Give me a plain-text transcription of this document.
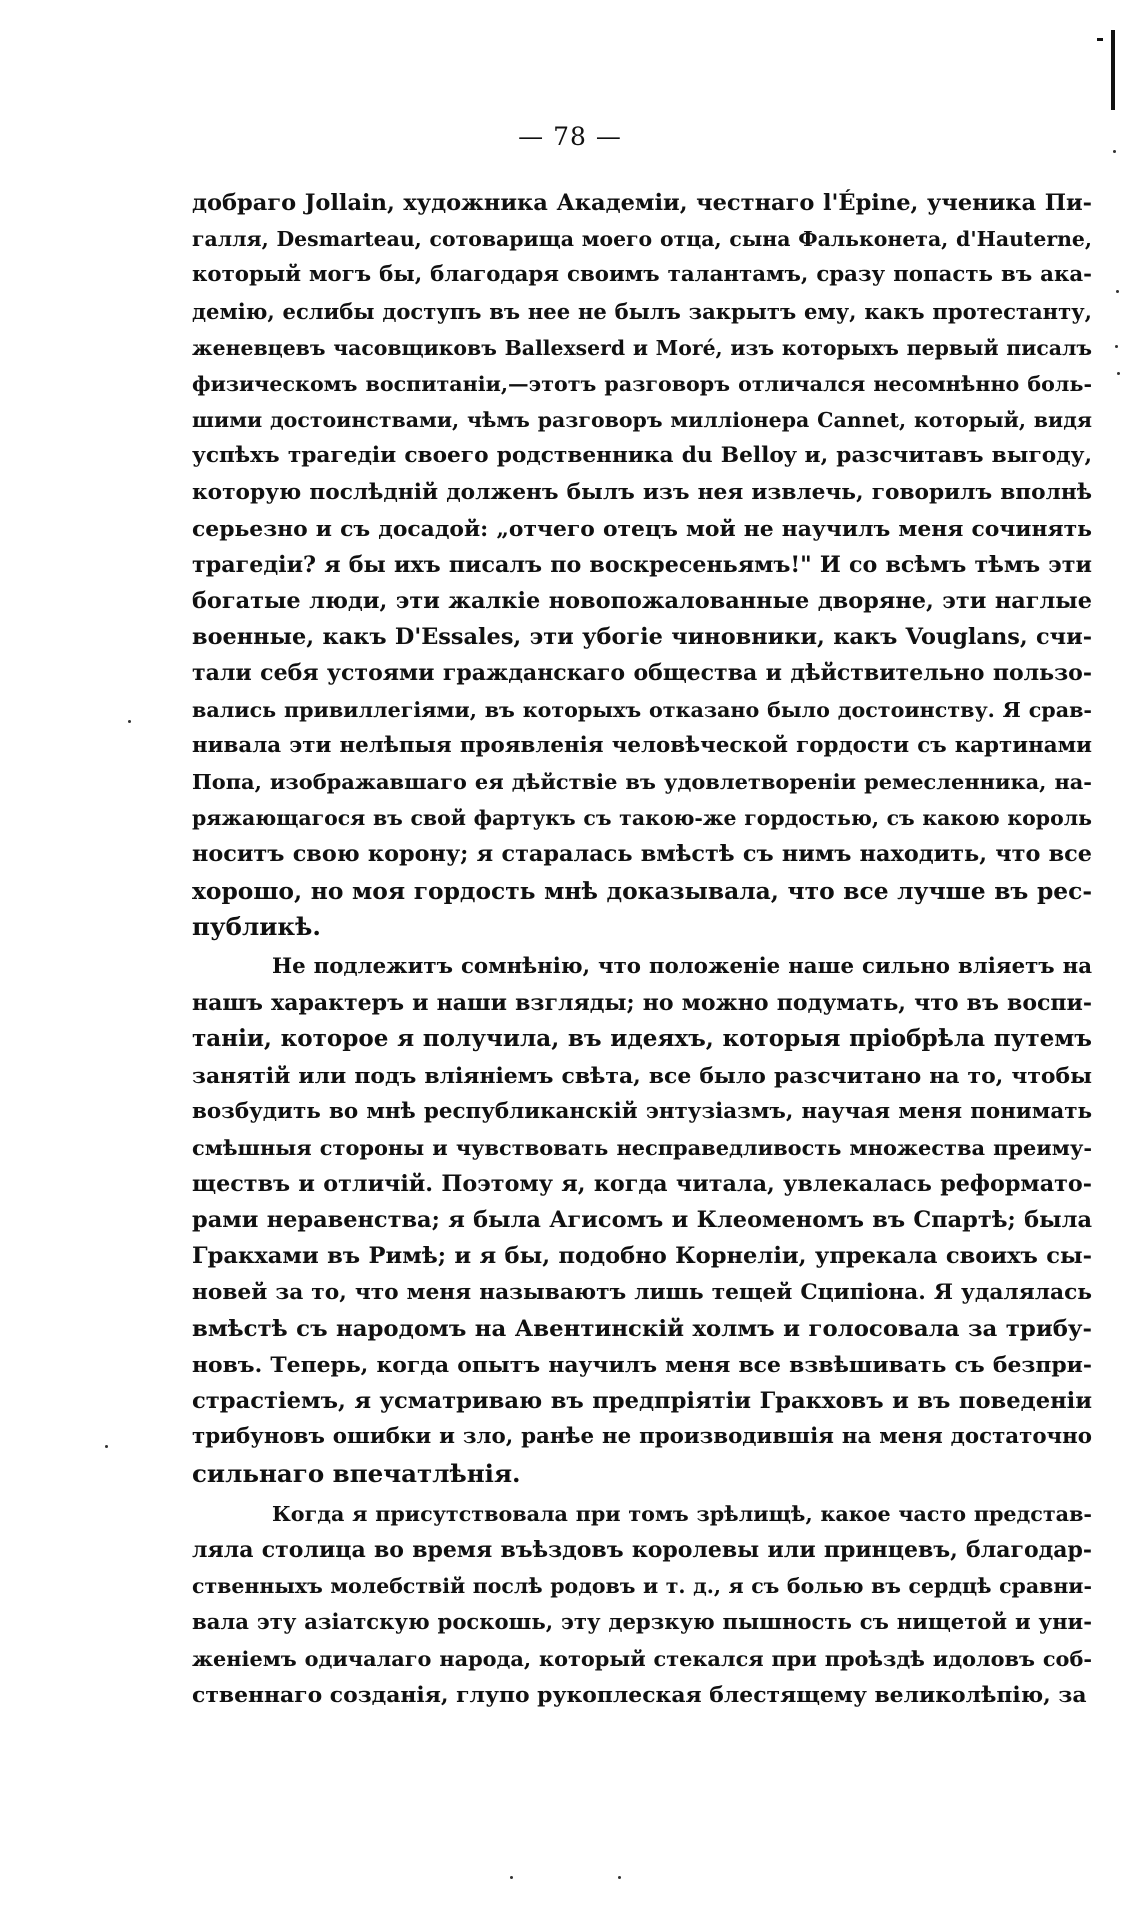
— 78 —
добраго Jollain, художника Академіи, честнаго l'Épine, ученика Пи-
галля, Desmarteau, сотоварища моего отца, сына Фальконета, d'Hauterne,
который могъ бы, благодаря своимъ талантамъ, сразу попасть въ ака-
демію, еслибы доступъ въ нее не былъ закрытъ ему, какъ протестанту,
женевцевъ часовщиковъ Ballexserd и Moré, изъ которыхъ первый писалъ
физическомъ воспитаніи,—этотъ разговоръ отличался несомнѣнно боль-
шими достоинствами, чѣмъ разговоръ милліонера Cannet, который, видя
успѣхъ трагедіи своего родственника du Belloy и, разсчитавъ выгоду,
которую послѣдній долженъ былъ изъ нея извлечь, говорилъ вполнѣ
серьезно и съ досадой: „отчего отецъ мой не научилъ меня сочинять
трагедіи? я бы ихъ писалъ по воскресеньямъ!" И со всѣмъ тѣмъ эти
богатые люди, эти жалкіе новопожалованные дворяне, эти наглые
военные, какъ D'Essales, эти убогіе чиновники, какъ Vouglans, счи-
тали себя устоями гражданскаго общества и дѣйствительно пользо-
вались привиллегіями, въ которыхъ отказано было достоинству. Я срав-
нивала эти нелѣпыя проявленія человѣческой гордости съ картинами
Попа, изображавшаго ея дѣйствіе въ удовлетвореніи ремесленника, на-
ряжающагося въ свой фартукъ съ такою-же гордостью, съ какою король
носитъ свою корону; я старалась вмѣстѣ съ нимъ находить, что все
хорошо, но моя гордость мнѣ доказывала, что все лучше въ рес-
публикѣ.
Не подлежитъ сомнѣнію, что положеніе наше сильно вліяетъ на
нашъ характеръ и наши взгляды; но можно подумать, что въ воспи-
таніи, которое я получила, въ идеяхъ, которыя пріобрѣла путемъ
занятій или подъ вліяніемъ свѣта, все было разсчитано на то, чтобы
возбудить во мнѣ республиканскій энтузіазмъ, научая меня понимать
смѣшныя стороны и чувствовать несправедливость множества преиму-
ществъ и отличій. Поэтому я, когда читала, увлекалась реформато-
рами неравенства; я была Агисомъ и Клеоменомъ въ Спартѣ; была
Гракхами въ Римѣ; и я бы, подобно Корнеліи, упрекала своихъ сы-
новей за то, что меня называютъ лишь тещей Сципіона. Я удалялась
вмѣстѣ съ народомъ на Авентинскій холмъ и голосовала за трибу-
новъ. Теперь, когда опытъ научилъ меня все взвѣшивать съ безпри-
страстіемъ, я усматриваю въ предпріятіи Гракховъ и въ поведеніи
трибуновъ ошибки и зло, ранѣе не производившія на меня достаточно
сильнаго впечатлѣнія.
Когда я присутствовала при томъ зрѣлищѣ, какое часто представ-
ляла столица во время въѣздовъ королевы или принцевъ, благодар-
ственныхъ молебствій послѣ родовъ и т. д., я съ болью въ сердцѣ сравни-
вала эту азіатскую роскошь, эту дерзкую пышность съ нищетой и уни-
женіемъ одичалаго народа, который стекался при проѣздѣ идоловъ соб-
ственнаго созданія, глупо рукоплеская блестящему великолѣпію, за
